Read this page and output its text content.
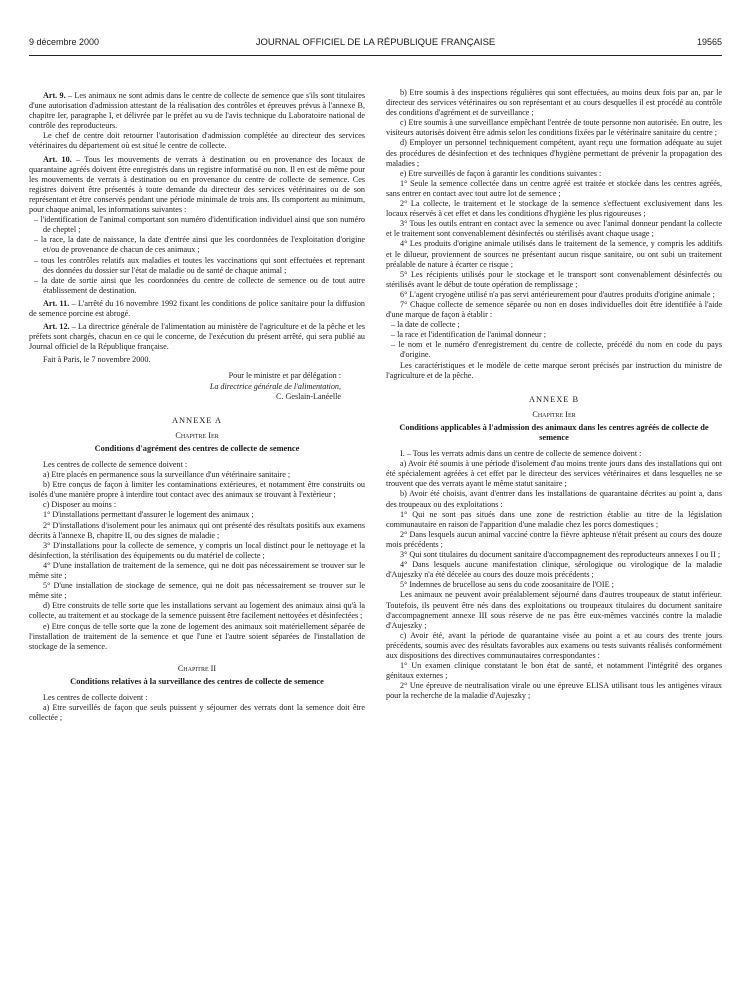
9 décembre 2000	JOURNAL OFFICIEL DE LA RÉPUBLIQUE FRANÇAISE	19565

Art. 9. – Les animaux ne sont admis dans le centre de collecte de semence que s'ils sont titulaires d'une autorisation d'admission attestant de la réalisation des contrôles et épreuves prévus à l'annexe B, chapitre Ier, paragraphe I, et délivrée par le préfet au vu de l'avis technique du Laboratoire national de contrôle des reproducteurs.

Le chef de centre doit retourner l'autorisation d'admission complétée au directeur des services vétérinaires du département où est situé le centre de collecte.

Art. 10. – Tous les mouvements de verrats à destination ou en provenance des locaux de quarantaine agréés doivent être enregistrés dans un registre informatisé ou non. Il en est de même pour les mouvements de verrats à destination ou en provenance du centre de collecte de semence. Ces registres doivent être présentés à toute demande du directeur des services vétérinaires ou de son représentant et être conservés pendant une période minimale de trois ans. Ils comportent au minimum, pour chaque animal, les informations suivantes :

– l'identification de l'animal comportant son numéro d'identification individuel ainsi que son numéro de cheptel ;

– la race, la date de naissance, la date d'entrée ainsi que les coordonnées de l'exploitation d'origine et/ou de provenance de chacun de ces animaux ;

– tous les contrôles relatifs aux maladies et toutes les vaccinations qui sont effectuées et reprenant des données du dossier sur l'état de maladie ou de santé de chaque animal ;

– la date de sortie ainsi que les coordonnées du centre de collecte de semence ou de tout autre établissement de destination.

Art. 11. – L'arrêté du 16 novembre 1992 fixant les conditions de police sanitaire pour la diffusion de semence porcine est abrogé.

Art. 12. – La directrice générale de l'alimentation au ministère de l'agriculture et de la pêche et les préfets sont chargés, chacun en ce qui le concerne, de l'exécution du présent arrêté, qui sera publié au Journal officiel de la République française.

Fait à Paris, le 7 novembre 2000.

Pour le ministre et par délégation :
La directrice générale de l'alimentation,
C. Geslain-Lanéelle
ANNEXE A
Chapitre Ier
Conditions d'agrément des centres de collecte de semence

Les centres de collecte de semence doivent :

a) Etre placés en permanence sous la surveillance d'un vétérinaire sanitaire ;

b) Etre conçus de façon à limiter les contaminations extérieures, et notamment être construits ou isolés d'une manière propre à interdire tout contact avec des animaux se trouvant à l'extérieur ;

c) Disposer au moins :

1° D'installations permettant d'assurer le logement des animaux ;

2° D'installations d'isolement pour les animaux qui ont présenté des résultats positifs aux examens décrits à l'annexe B, chapitre II, ou des signes de maladie ;

3° D'installations pour la collecte de semence, y compris un local distinct pour le nettoyage et la désinfection, la stérilisation des équipements ou du matériel de collecte ;

4° D'une installation de traitement de la semence, qui ne doit pas nécessairement se trouver sur le même site ;

5° D'une installation de stockage de semence, qui ne doit pas nécessairement se trouver sur le même site ;

d) Etre construits de telle sorte que les installations servant au logement des animaux ainsi qu'à la collecte, au traitement et au stockage de la semence puissent être facilement nettoyées et désinfectées ;

e) Etre conçus de telle sorte que la zone de logement des animaux soit matériellement séparée de l'installation de traitement de la semence et que l'une et l'autre soient séparées de l'installation de stockage de la semence.

Chapitre II
Conditions relatives à la surveillance des centres de collecte de semence

Les centres de collecte doivent :

a) Etre surveillés de façon que seuls puissent y séjourner des verrats dont la semence doit être collectée ;

b) Etre soumis à des inspections régulières qui sont effectuées, au moins deux fois par an, par le directeur des services vétérinaires ou son représentant et au cours desquelles il est procédé au contrôle des conditions d'agrément et de surveillance ;

c) Etre soumis à une surveillance empêchant l'entrée de toute personne non autorisée. En outre, les visiteurs autorisés doivent être admis selon les conditions fixées par le vétérinaire sanitaire du centre ;

d) Employer un personnel techniquement compétent, ayant reçu une formation adéquate au sujet des procédures de désinfection et des techniques d'hygiène permettant de prévenir la propagation des maladies ;

e) Etre surveillés de façon à garantir les conditions suivantes :

1° Seule la semence collectée dans un centre agréé est traitée et stockée dans les centres agréés, sans entrer en contact avec tout autre lot de semence ;

2° La collecte, le traitement et le stockage de la semence s'effectuent exclusivement dans les locaux réservés à cet effet et dans les conditions d'hygiène les plus rigoureuses ;

3° Tous les outils entrant en contact avec la semence ou avec l'animal donneur pendant la collecte et le traitement sont convenablement désinfectés ou stérilisés avant chaque usage ;

4° Les produits d'origine animale utilisés dans le traitement de la semence, y compris les additifs et le dilueur, proviennent de sources ne présentant aucun risque sanitaire, ou ont subi un traitement préalable de nature à écarter ce risque ;

5° Les récipients utilisés pour le stockage et le transport sont convenablement désinfectés ou stérilisés avant le début de toute opération de remplissage ;

6° L'agent cryogène utilisé n'a pas servi antérieurement pour d'autres produits d'origine animale ;

7° Chaque collecte de semence séparée ou non en doses individuelles doit être identifiée à l'aide d'une marque de façon à établir :

– la date de collecte ;

– la race et l'identification de l'animal donneur ;

– le nom et le numéro d'enregistrement du centre de collecte, précédé du nom en code du pays d'origine.

Les caractéristiques et le modèle de cette marque seront précisés par instruction du ministre de l'agriculture et de la pêche.

ANNEXE B
Chapitre Ier
Conditions applicables à l'admission des animaux dans les centres agréés de collecte de semence

I. – Tous les verrats admis dans un centre de collecte de semence doivent :

a) Avoir été soumis à une période d'isolement d'au moins trente jours dans des installations qui ont été spécialement agréées à cet effet par le directeur des services vétérinaires et dans lesquelles ne se trouvent que des verrats ayant le même statut sanitaire ;

b) Avoir été choisis, avant d'entrer dans les installations de quarantaine décrites au point a, dans des troupeaux ou des exploitations :

1° Qui ne sont pas situés dans une zone de restriction établie au titre de la législation communautaire en raison de l'apparition d'une maladie chez les porcs domestiques ;

2° Dans lesquels aucun animal vacciné contre la fièvre aphteuse n'était présent au cours des douze mois précédents ;

3° Qui sont titulaires du document sanitaire d'accompagnement des reproducteurs annexes I ou II ;

4° Dans lesquels aucune manifestation clinique, sérologique ou virologique de la maladie d'Aujeszky n'a été décelée au cours des douze mois précédents ;

5° Indemnes de brucellose au sens du code zoosanitaire de l'OIE ;

Les animaux ne peuvent avoir préalablement séjourné dans d'autres troupeaux de statut inférieur. Toutefois, ils peuvent être nés dans des exploitations ou troupeaux titulaires du document sanitaire d'accompagnement annexe III sous réserve de ne pas être eux-mêmes vaccinés contre la maladie d'Aujeszky ;

c) Avoir été, avant la période de quarantaine visée au point a et au cours des trente jours précédents, soumis avec des résultats favorables aux examens ou tests suivants réalisés conformément aux dispositions des directives communautaires correspondantes :

1° Un examen clinique constatant le bon état de santé, et notamment l'intégrité des organes génitaux externes ;

2° Une épreuve de neutralisation virale ou une épreuve ELISA utilisant tous les antigènes viraux pour la recherche de la maladie d'Aujeszky ;
